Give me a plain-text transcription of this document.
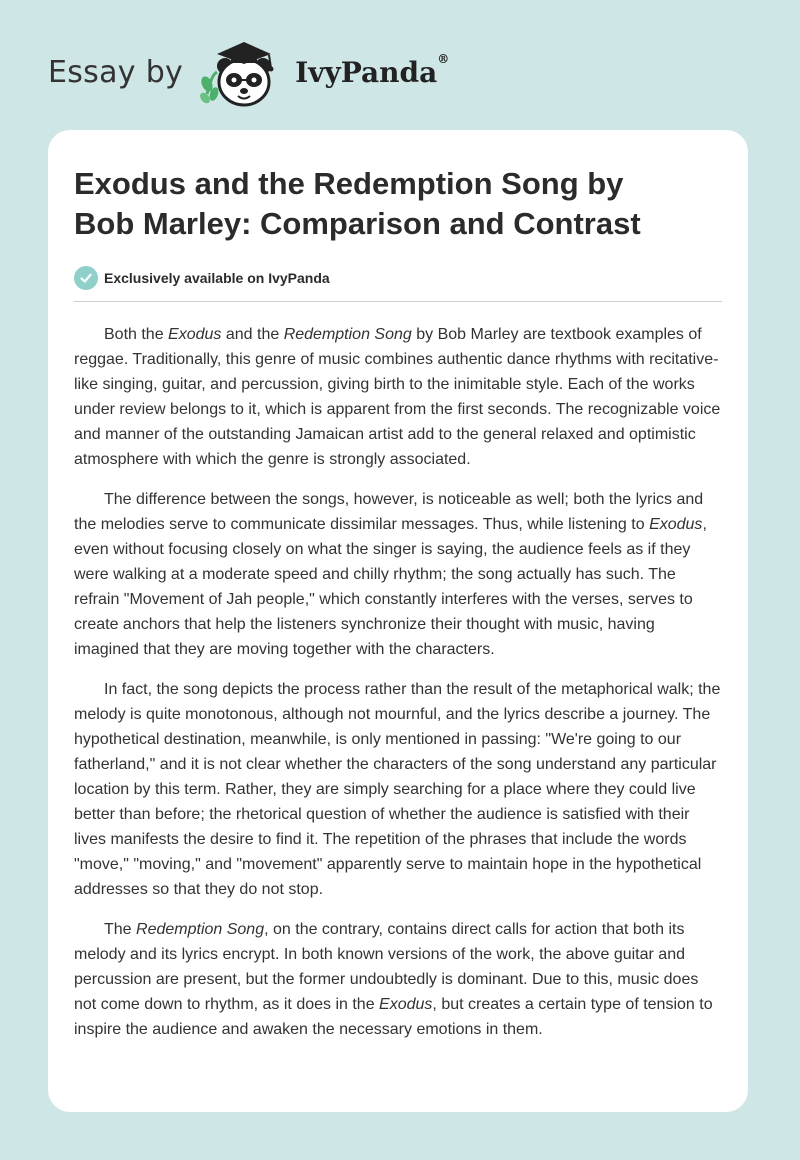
Essay by	IvyPanda®
Exodus and the Redemption Song by Bob Marley: Comparison and Contrast
Exclusively available on IvyPanda

Both the Exodus and the Redemption Song by Bob Marley are textbook examples of reggae. Traditionally, this genre of music combines authentic dance rhythms with recitative-like singing, guitar, and percussion, giving birth to the inimitable style. Each of the works under review belongs to it, which is apparent from the first seconds. The recognizable voice and manner of the outstanding Jamaican artist add to the general relaxed and optimistic atmosphere with which the genre is strongly associated.

The difference between the songs, however, is noticeable as well; both the lyrics and the melodies serve to communicate dissimilar messages. Thus, while listening to Exodus, even without focusing closely on what the singer is saying, the audience feels as if they were walking at a moderate speed and chilly rhythm; the song actually has such. The refrain "Movement of Jah people," which constantly interferes with the verses, serves to create anchors that help the listeners synchronize their thought with music, having imagined that they are moving together with the characters.

In fact, the song depicts the process rather than the result of the metaphorical walk; the melody is quite monotonous, although not mournful, and the lyrics describe a journey. The hypothetical destination, meanwhile, is only mentioned in passing: "We're going to our fatherland," and it is not clear whether the characters of the song understand any particular location by this term. Rather, they are simply searching for a place where they could live better than before; the rhetorical question of whether the audience is satisfied with their lives manifests the desire to find it. The repetition of the phrases that include the words "move," "moving," and "movement" apparently serve to maintain hope in the hypothetical addresses so that they do not stop.

The Redemption Song, on the contrary, contains direct calls for action that both its melody and its lyrics encrypt. In both known versions of the work, the above guitar and percussion are present, but the former undoubtedly is dominant. Due to this, music does not come down to rhythm, as it does in the Exodus, but creates a certain type of tension to inspire the audience and awaken the necessary emotions in them.
